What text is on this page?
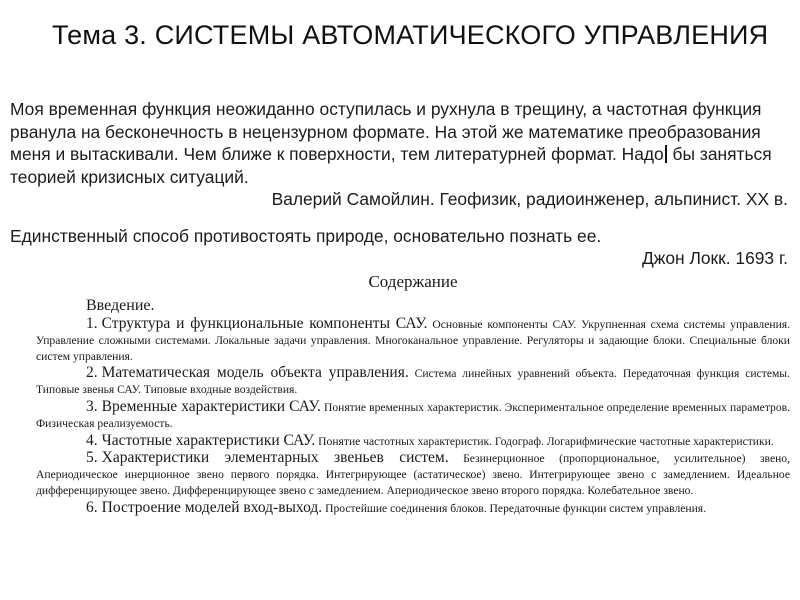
Тема 3. СИСТЕМЫ АВТОМАТИЧЕСКОГО УПРАВЛЕНИЯ

Моя временная функция неожиданно оступилась и рухнула в трещину, а частотная функция рванула на бесконечность в нецензурном формате. На этой же математике преобразования меня и вытаскивали. Чем ближе к поверхности, тем литературней формат. Надо бы заняться теорией кризисных ситуаций.

Валерий Самойлин. Геофизик, радиоинженер, альпинист. XX в.

Единственный способ противостоять природе, основательно познать ее.

Джон Локк. 1693 г.

Содержание

Введение.

1. Структура и функциональные компоненты САУ. Основные компоненты САУ. Укрупненная схема системы управления. Управление сложными системами. Локальные задачи управления. Многоканальное управление. Регуляторы и задающие блоки. Специальные блоки систем управления.

2. Математическая модель объекта управления. Система линейных уравнений объекта. Передаточная функция системы. Типовые звенья САУ. Типовые входные воздействия.

3. Временные характеристики САУ. Понятие временных характеристик. Экспериментальное определение временных параметров. Физическая реализуемость.

4. Частотные характеристики САУ. Понятие частотных характеристик. Годограф. Логарифмические частотные характеристики.

5. Характеристики элементарных звеньев систем. Безинерционное (пропорциональное, усилительное) звено, Апериодическое инерционное звено первого порядка. Интегрирующее (астатическое) звено. Интегрирующее звено с замедлением. Идеальное дифференцирующее звено. Дифференцирующее звено с замедлением. Апериодическое звено второго порядка. Колебательное звено.

6. Построение моделей вход-выход. Простейшие соединения блоков. Передаточные функции систем управления.
